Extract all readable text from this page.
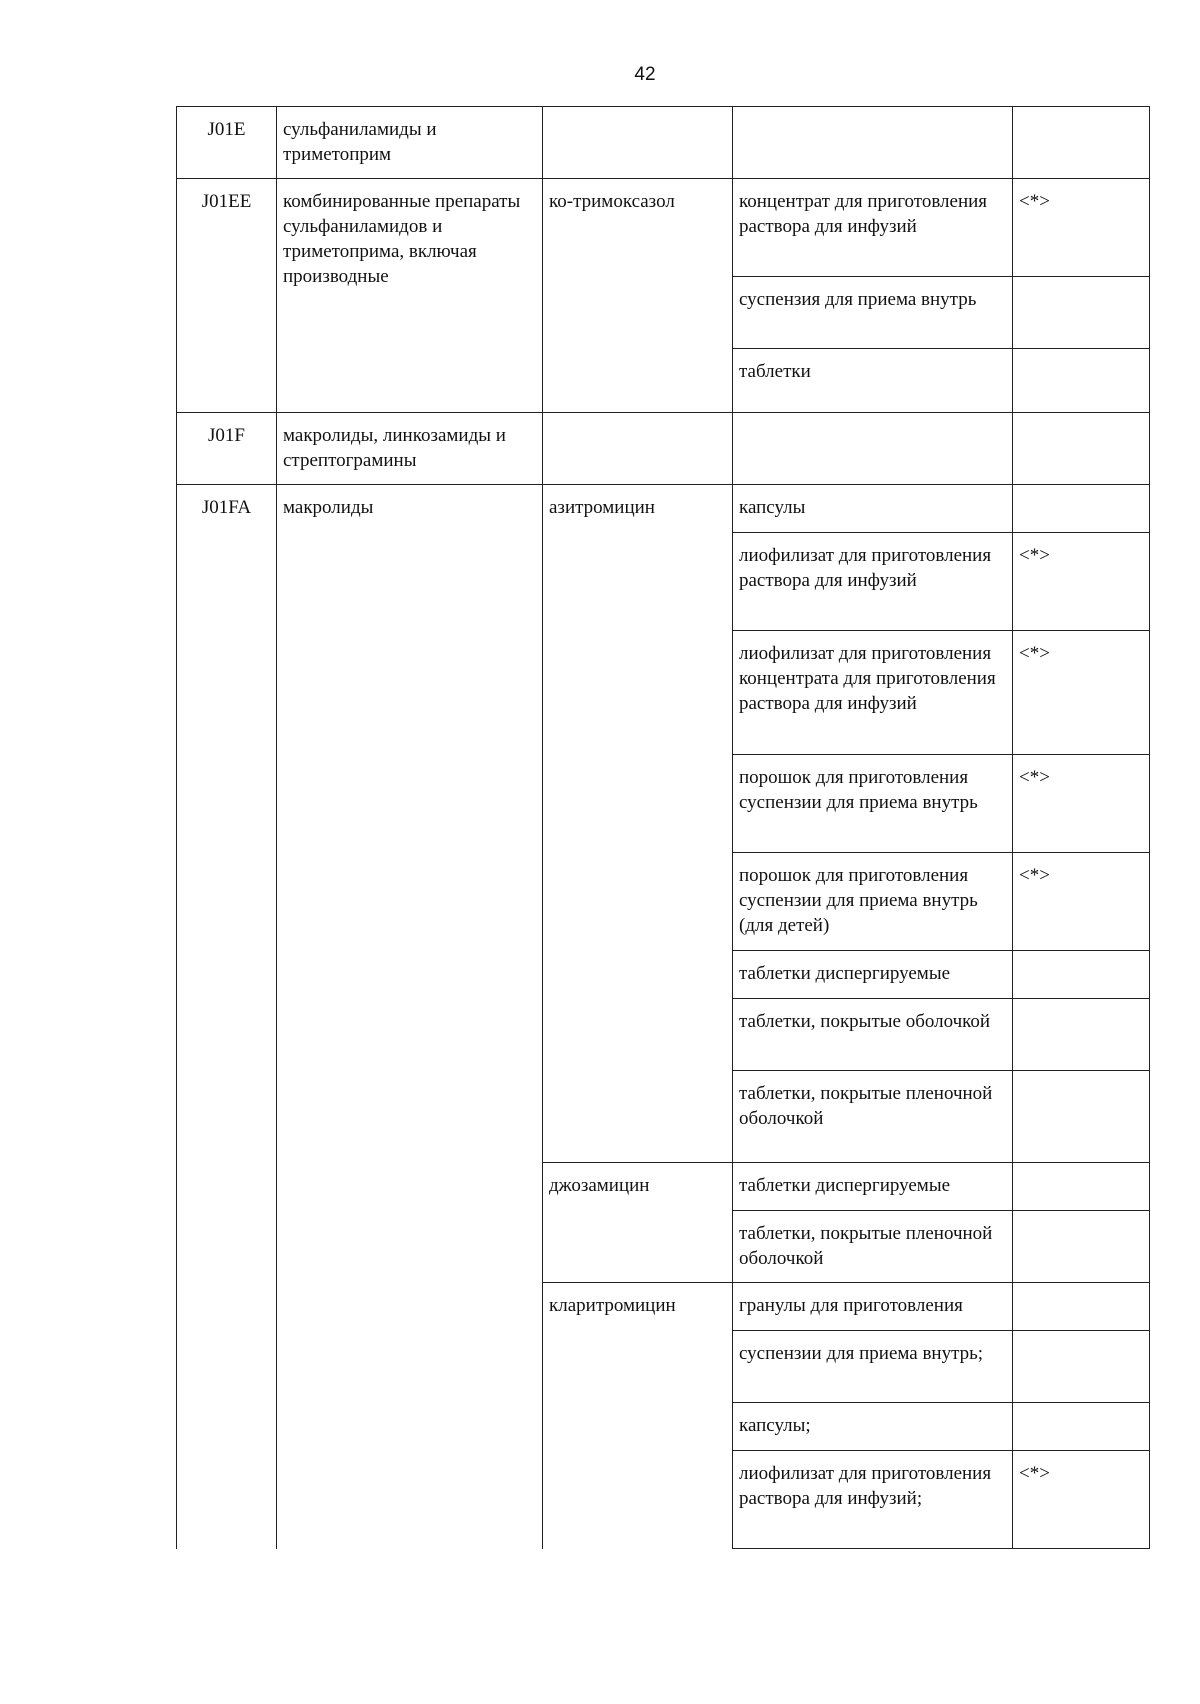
42
J01E	сульфаниламиды и триметоприм			
J01EE	комбинированные препараты сульфаниламидов и триметоприма, включая производные	ко-тримоксазол	концентрат для приготовления раствора для инфузий	<*>
			суспензия для приема внутрь	
			таблетки	
J01F	макролиды, линкозамиды и стрептограмины			
J01FA	макролиды	азитромицин	капсулы	
			лиофилизат для приготовления раствора для инфузий	<*>
			лиофилизат для приготовления концентрата для приготовления раствора для инфузий	<*>
			порошок для приготовления суспензии для приема внутрь	<*>
			порошок для приготовления суспензии для приема внутрь (для детей)	<*>
			таблетки диспергируемые	
			таблетки, покрытые оболочкой	
			таблетки, покрытые пленочной оболочкой	
		джозамицин	таблетки диспергируемые	
			таблетки, покрытые пленочной оболочкой	
		кларитромицин	гранулы для приготовления	
			суспензии для приема внутрь;	
			капсулы;	
			лиофилизат для приготовления раствора для инфузий;	<*>
